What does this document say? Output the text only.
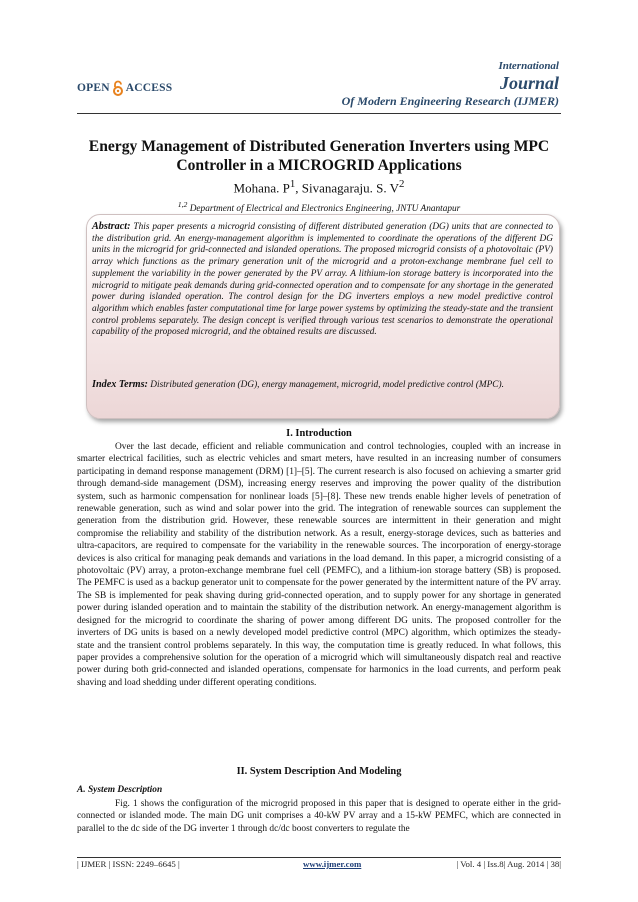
OPEN ACCESS
International
Journal
Of Modern Engineering Research (IJMER)
Energy Management of Distributed Generation Inverters using MPC Controller in a MICROGRID Applications
Mohana. $P^1$, Sivanagaraju. S. $V^2$
$^{1,2}$ Department of Electrical and Electronics Engineering, JNTU Anantapur
Abstract: This paper presents a microgrid consisting of different distributed generation (DG) units that are connected to the distribution grid. An energy-management algorithm is implemented to coordinate the operations of the different DG units in the microgrid for grid-connected and islanded operations. The proposed microgrid consists of a photovoltaic (PV) array which functions as the primary generation unit of the microgrid and a proton-exchange membrane fuel cell to supplement the variability in the power generated by the PV array. A lithium-ion storage battery is incorporated into the microgrid to mitigate peak demands during grid-connected operation and to compensate for any shortage in the generated power during islanded operation. The control design for the DG inverters employs a new model predictive control algorithm which enables faster computational time for large power systems by optimizing the steady-state and the transient control problems separately. The design concept is verified through various test scenarios to demonstrate the operational capability of the proposed microgrid, and the obtained results are discussed.
Index Terms: Distributed generation (DG), energy management, microgrid, model predictive control (MPC).
I. Introduction
Over the last decade, efficient and reliable communication and control technologies, coupled with an increase in smarter electrical facilities, such as electric vehicles and smart meters, have resulted in an increasing number of consumers participating in demand response management (DRM) [1]–[5]. The current research is also focused on achieving a smarter grid through demand-side management (DSM), increasing energy reserves and improving the power quality of the distribution system, such as harmonic compensation for nonlinear loads [5]–[8]. These new trends enable higher levels of penetration of renewable generation, such as wind and solar power into the grid. The integration of renewable sources can supplement the generation from the distribution grid. However, these renewable sources are intermittent in their generation and might compromise the reliability and stability of the distribution network. As a result, energy-storage devices, such as batteries and ultra-capacitors, are required to compensate for the variability in the renewable sources. The incorporation of energy-storage devices is also critical for managing peak demands and variations in the load demand. In this paper, a microgrid consisting of a photovoltaic (PV) array, a proton-exchange membrane fuel cell (PEMFC), and a lithium-ion storage battery (SB) is proposed. The PEMFC is used as a backup generator unit to compensate for the power generated by the intermittent nature of the PV array. The SB is implemented for peak shaving during grid-connected operation, and to supply power for any shortage in generated power during islanded operation and to maintain the stability of the distribution network. An energy-management algorithm is designed for the microgrid to coordinate the sharing of power among different DG units. The proposed controller for the inverters of DG units is based on a newly developed model predictive control (MPC) algorithm, which optimizes the steady-state and the transient control problems separately. In this way, the computation time is greatly reduced. In what follows, this paper provides a comprehensive solution for the operation of a microgrid which will simultaneously dispatch real and reactive power during both grid-connected and islanded operations, compensate for harmonics in the load currents, and perform peak shaving and load shedding under different operating conditions.
II. System Description And Modeling
A. System Description
Fig. 1 shows the configuration of the microgrid proposed in this paper that is designed to operate either in the grid-connected or islanded mode. The main DG unit comprises a 40-kW PV array and a 15-kW PEMFC, which are connected in parallel to the dc side of the DG inverter 1 through dc/dc boost converters to regulate the
| IJMER | ISSN: 2249–6645 |	www.ijmer.com	| Vol. 4 | Iss.8| Aug. 2014 | 38|
